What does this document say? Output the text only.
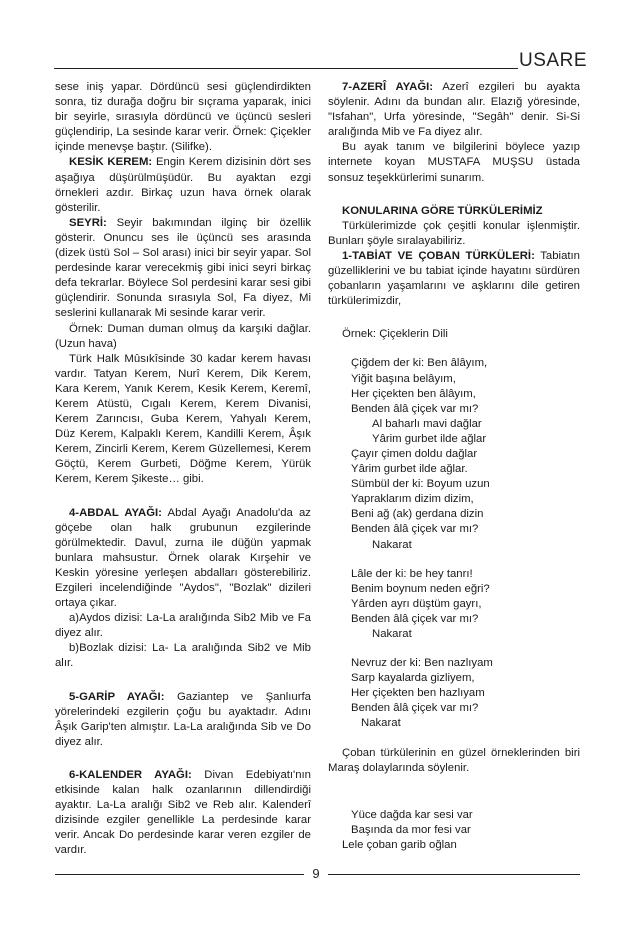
USARE

sese iniş yapar. Dördüncü sesi güçlendirdikten sonra, tiz durağa doğru bir sıçrama yaparak, inici bir seyirle, sırasıyla dördüncü ve üçüncü sesleri güçlendirip, La sesinde karar verir. Örnek: Çiçekler içinde menevşe baştır. (Silifke).

KESİK KEREM: Engin Kerem dizisinin dört ses aşağıya düşürülmüşüdür. Bu ayaktan ezgi örnekleri azdır. Birkaç uzun hava örnek olarak gösterilir.

SEYRİ: Seyir bakımından ilginç bir özellik gösterir. Onuncu ses ile üçüncü ses arasında (dizek üstü Sol – Sol arası) inici bir seyir yapar. Sol perdesinde karar verecekmiş gibi inici seyri birkaç defa tekrarlar. Böylece Sol perdesini karar sesi gibi güçlendirir. Sonunda sırasıyla Sol, Fa diyez, Mi seslerini kullanarak Mi sesinde karar verir.

Örnek: Duman duman olmuş da karşıki dağlar. (Uzun hava)

Türk Halk Mûsıkîsinde 30 kadar kerem havası vardır. Tatyan Kerem, Nurî Kerem, Dik Kerem, Kara Kerem, Yanık Kerem, Kesik Kerem, Keremî, Kerem Atüstü, Cıgalı Kerem, Kerem Divanisi, Kerem Zarıncısı, Guba Kerem, Yahyalı Kerem, Düz Kerem, Kalpaklı Kerem, Kandilli Kerem, Âşık Kerem, Zincirli Kerem, Kerem Güzellemesi, Kerem Göçtü, Kerem Gurbeti, Döğme Kerem, Yürük Kerem, Kerem Şikeste… gibi.

4-ABDAL AYAĞI: Abdal Ayağı Anadolu'da az göçebe olan halk grubunun ezgilerinde görülmektedir. Davul, zurna ile düğün yapmak bunlara mahsustur. Örnek olarak Kırşehir ve Keskin yöresine yerleşen abdalları gösterebiliriz. Ezgileri incelendiğinde "Aydos", "Bozlak" dizileri ortaya çıkar.

a)Aydos dizisi: La-La aralığında Sib2 Mib ve Fa diyez alır.

b)Bozlak dizisi: La- La aralığında Sib2 ve Mib alır.

5-GARİP AYAĞI: Gaziantep ve Şanlıurfa yörelerindeki ezgilerin çoğu bu ayaktadır. Adını Âşık Garip'ten almıştır. La-La aralığında Sib ve Do diyez alır.

6-KALENDER AYAĞI: Divan Edebiyatı'nın etkisinde kalan halk ozanlarının dillendirdiği ayaktır. La-La aralığı Sib2 ve Reb alır. Kalenderî dizisinde ezgiler genellikle La perdesinde karar verir. Ancak Do perdesinde karar veren ezgiler de vardır.

7-AZERÎ AYAĞI: Azerî ezgileri bu ayakta söylenir. Adını da bundan alır. Elazığ yöresinde, "Isfahan", Urfa yöresinde, "Segâh" denir. Si-Si aralığında Mib ve Fa diyez alır.

Bu ayak tanım ve bilgilerini böylece yazıp internete koyan MUSTAFA MUŞSU üstada sonsuz teşekkürlerimi sunarım.

KONULARINA GÖRE TÜRKÜLERİMİZ

Türkülerimizde çok çeşitli konular işlenmiştir. Bunları şöyle sıralayabiliriz.

1-TABİAT VE ÇOBAN TÜRKÜLERİ: Tabiatın güzelliklerini ve bu tabiat içinde hayatını sürdüren çobanların yaşamlarını ve aşklarını dile getiren türkülerimizdir,

Örnek: Çiçeklerin Dili

Çiğdem der ki: Ben âlâyım,

Yiğit başına belâyım,

Her çiçekten ben âlâyım,

Benden âlâ çiçek var mı?

Al baharlı mavi dağlar

Yârim gurbet ilde ağlar

Çayır çimen doldu dağlar

Yârim gurbet ilde ağlar.

Sümbül der ki: Boyum uzun

Yapraklarım dizim dizim,

Beni ağ (ak) gerdana dizin

Benden âlâ çiçek var mı?

Nakarat

Lâle der ki: be hey tanrı!

Benim boynum neden eğri?

Yârden ayrı düştüm gayrı,

Benden âlâ çiçek var mı?

Nakarat

Nevruz der ki: Ben nazlıyam

Sarp kayalarda gizliyem,

Her çiçekten ben hazlıyam

Benden âlâ çiçek var mı?

Nakarat

Çoban türkülerinin en güzel örneklerinden biri Maraş dolaylarında söylenir.

Yüce dağda kar sesi var

Başında da mor fesi var

Lele çoban garib oğlan

9
